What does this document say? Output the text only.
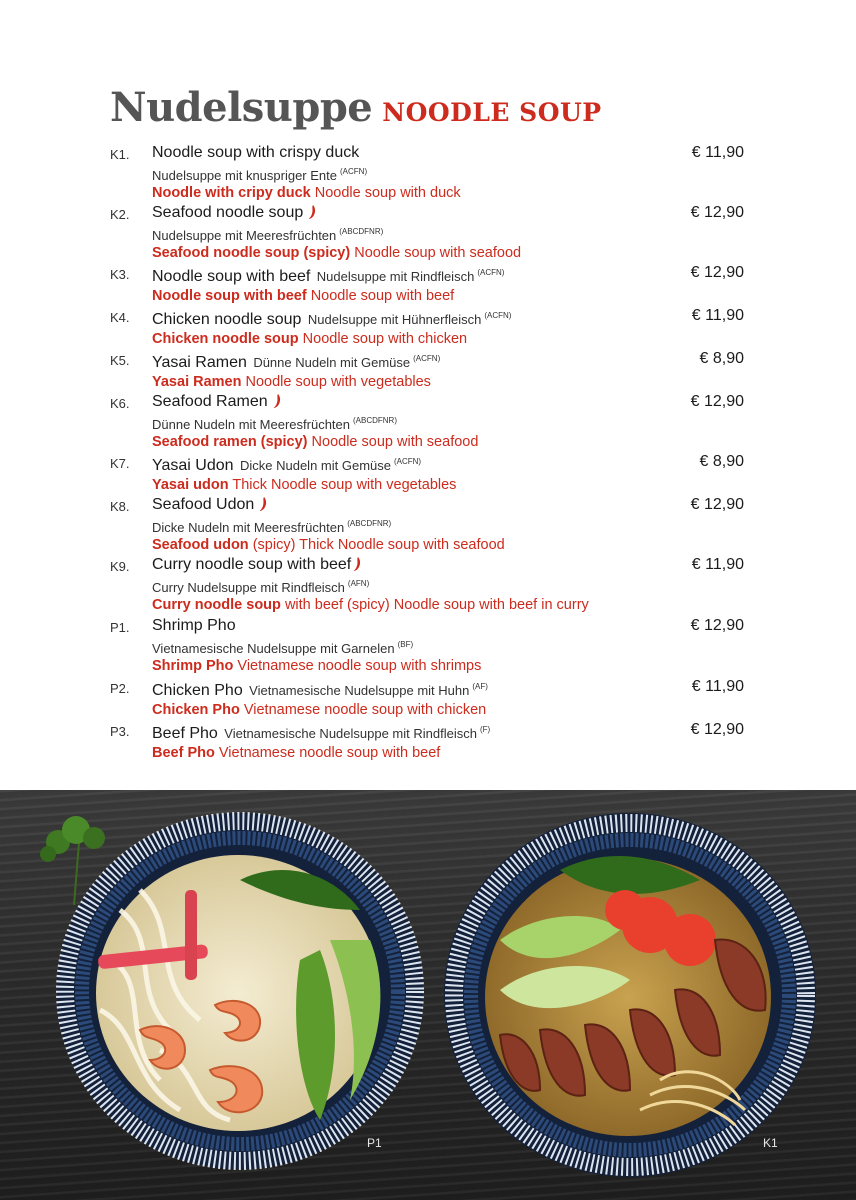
Nudelsuppe NOODLE SOUP
K1. Noodle soup with crispy duck
Nudelsuppe mit knuspriger Ente $^{(ACFN)}$
Noodle with cripy duck Noodle soup with duck
€ 11,90
K2. Seafood noodle soup
Nudelsuppe mit Meeresfrüchten $^{(ABCDFNR)}$
Seafood noodle soup (spicy) Noodle soup with seafood
€ 12,90
K3. Noodle soup with beef Nudelsuppe mit Rindfleisch $^{(ACFN)}$
Noodle soup with beef Noodle soup with beef
€ 12,90
K4. Chicken noodle soup Nudelsuppe mit Hühnerfleisch $^{(ACFN)}$
Chicken noodle soup Noodle soup with chicken
€ 11,90
K5. Yasai Ramen Dünne Nudeln mit Gemüse $^{(ACFN)}$
Yasai Ramen Noodle soup with vegetables
€ 8,90
K6. Seafood Ramen
Dünne Nudeln mit Meeresfrüchten $^{(ABCDFNR)}$
Seafood ramen (spicy) Noodle soup with seafood
€ 12,90
K7. Yasai Udon Dicke Nudeln mit Gemüse $^{(ACFN)}$
Yasai udon Thick Noodle soup with vegetables
€ 8,90
K8. Seafood Udon
Dicke Nudeln mit Meeresfrüchten $^{(ABCDFNR)}$
Seafood udon (spicy) Thick Noodle soup with seafood
€ 12,90
K9. Curry noodle soup with beef
Curry Nudelsuppe mit Rindfleisch $^{(AFN)}$
Curry noodle soup with beef (spicy) Noodle soup with beef in curry
€ 11,90
P1. Shrimp Pho
Vietnamesische Nudelsuppe mit Garnelen $^{(BF)}$
Shrimp Pho Vietnamese noodle soup with shrimps
€ 12,90
P2. Chicken Pho Vietnamesische Nudelsuppe mit Huhn $^{(AF)}$
Chicken Pho Vietnamese noodle soup with chicken
€ 11,90
P3. Beef Pho Vietnamesische Nudelsuppe mit Rindfleisch $^{(F)}$
Beef Pho Vietnamese noodle soup with beef
€ 12,90
P1	K1
